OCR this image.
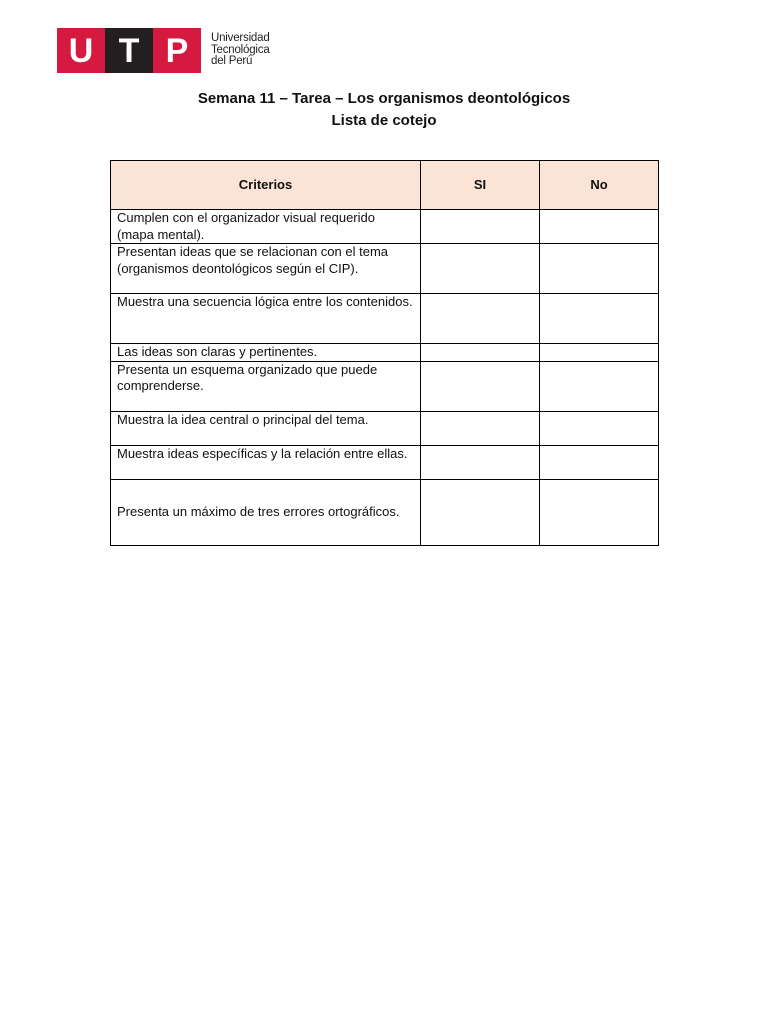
U T P	Universidad
Tecnológica
del Perú
Semana 11 – Tarea – Los organismos deontológicos
Lista de cotejo
Criterios	SI	No
Cumplen con el organizador visual requerido (mapa mental).		
Presentan ideas que se relacionan con el tema (organismos deontológicos según el CIP).		
Muestra una secuencia lógica entre los contenidos.		
Las ideas son claras y pertinentes.		
Presenta un esquema organizado que puede comprenderse.		
Muestra la idea central o principal del tema.		
Muestra ideas específicas y la relación entre ellas.		
Presenta un máximo de tres errores ortográficos.		
